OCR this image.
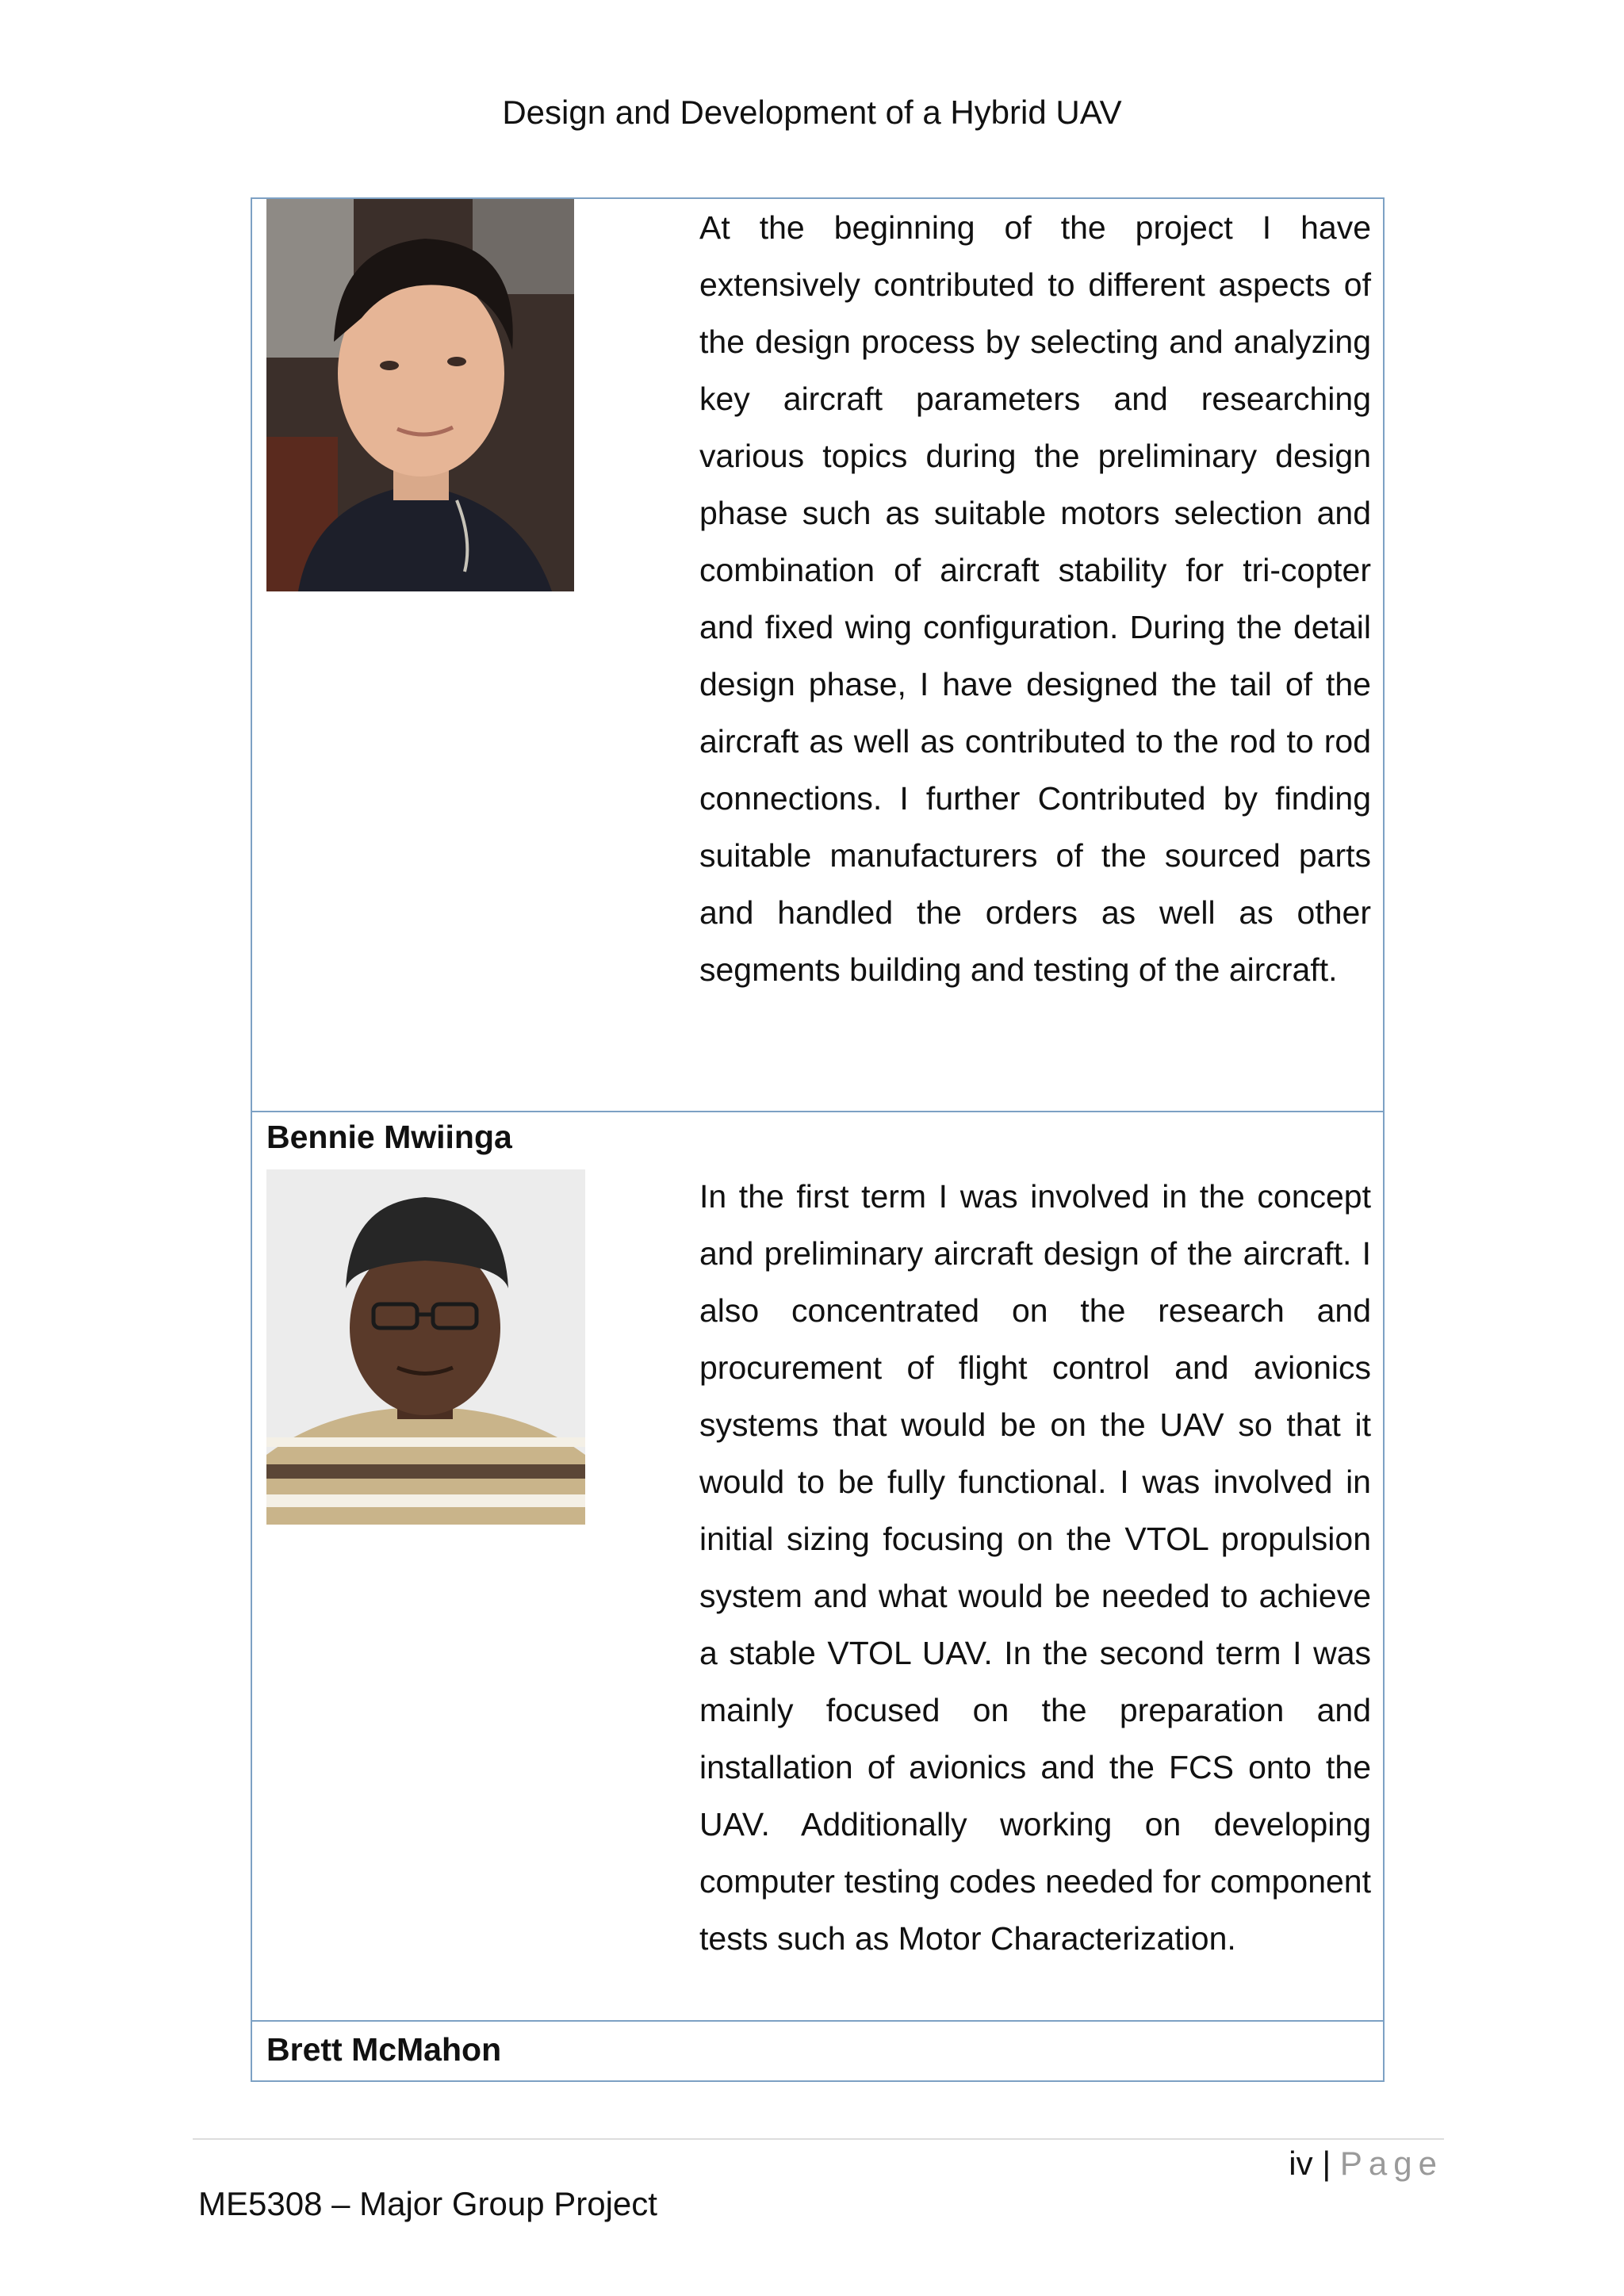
Design and Development of a Hybrid UAV

At the beginning of the project I have extensively contributed to different aspects of the design process by selecting and analyzing key aircraft parameters and researching various topics during the preliminary design phase such as suitable motors selection and combination of aircraft stability for tri-copter and fixed wing configuration. During the detail design phase, I have designed the tail of the aircraft as well as contributed to the rod to rod connections. I further Contributed by finding suitable manufacturers of the sourced parts and handled the orders as well as other segments building and testing of the aircraft.

Bennie Mwiinga

In the first term I was involved in the concept and preliminary aircraft design of the aircraft. I also concentrated on the research and procurement of flight control and avionics systems that would be on the UAV so that it would to be fully functional. I was involved in initial sizing focusing on the VTOL propulsion system and what would be needed to achieve a stable VTOL UAV. In the second term I was mainly focused on the preparation and installation of avionics and the FCS onto the UAV. Additionally working on developing computer testing codes needed for component tests such as Motor Characterization.

Brett McMahon
iv | Page
ME5308 – Major Group Project
